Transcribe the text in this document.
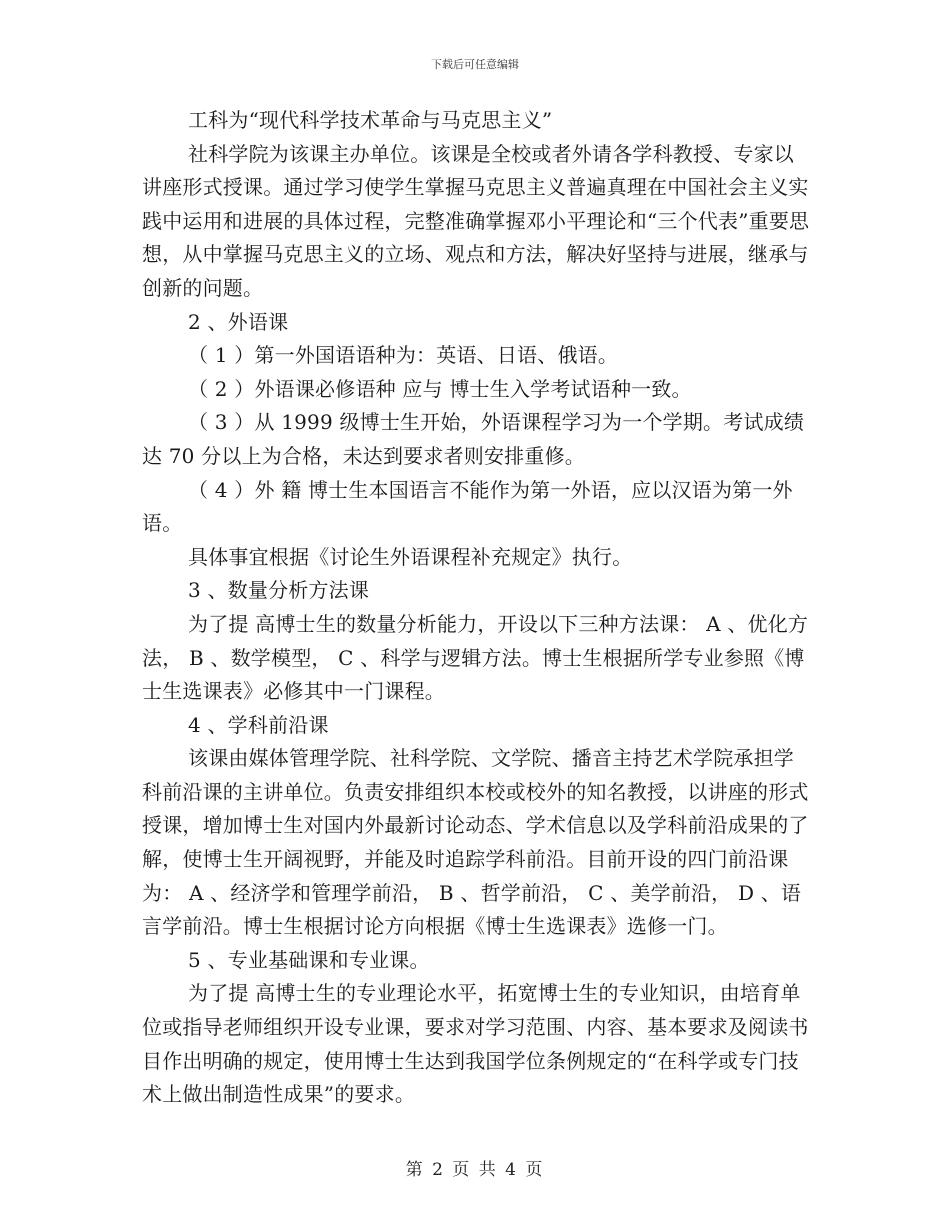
下载后可任意编辑

工科为“现代科学技术革命与马克思主义”

社科学院为该课主办单位。该课是全校或者外请各学科教授、专家以讲座形式授课。通过学习使学生掌握马克思主义普遍真理在中国社会主义实践中运用和进展的具体过程，完整准确掌握邓小平理论和“三个代表”重要思想，从中掌握马克思主义的立场、观点和方法，解决好坚持与进展，继承与创新的问题。

2 、外语课

（ 1 ）第一外国语语种为：英语、日语、俄语。

（ 2 ）外语课必修语种 应与 博士生入学考试语种一致。

（ 3 ）从 1999 级博士生开始，外语课程学习为一个学期。考试成绩达 70 分以上为合格，未达到要求者则安排重修。

（ 4 ）外 籍 博士生本国语言不能作为第一外语，应以汉语为第一外语。

具体事宜根据《讨论生外语课程补充规定》执行。

3 、数量分析方法课

为了提 高博士生的数量分析能力，开设以下三种方法课： A 、优化方法， B 、数学模型， C 、科学与逻辑方法。博士生根据所学专业参照《博士生选课表》必修其中一门课程。

4 、学科前沿课

该课由媒体管理学院、社科学院、文学院、播音主持艺术学院承担学科前沿课的主讲单位。负责安排组织本校或校外的知名教授，以讲座的形式授课，增加博士生对国内外最新讨论动态、学术信息以及学科前沿成果的了解，使博士生开阔视野，并能及时追踪学科前沿。目前开设的四门前沿课为： A 、经济学和管理学前沿， B 、哲学前沿， C 、美学前沿， D 、语言学前沿。博士生根据讨论方向根据《博士生选课表》选修一门。

5 、专业基础课和专业课。

为了提 高博士生的专业理论水平，拓宽博士生的专业知识，由培育单位或指导老师组织开设专业课，要求对学习范围、内容、基本要求及阅读书目作出明确的规定，使用博士生达到我国学位条例规定的“在科学或专门技术上做出制造性成果”的要求。

第 2 页 共 4 页
